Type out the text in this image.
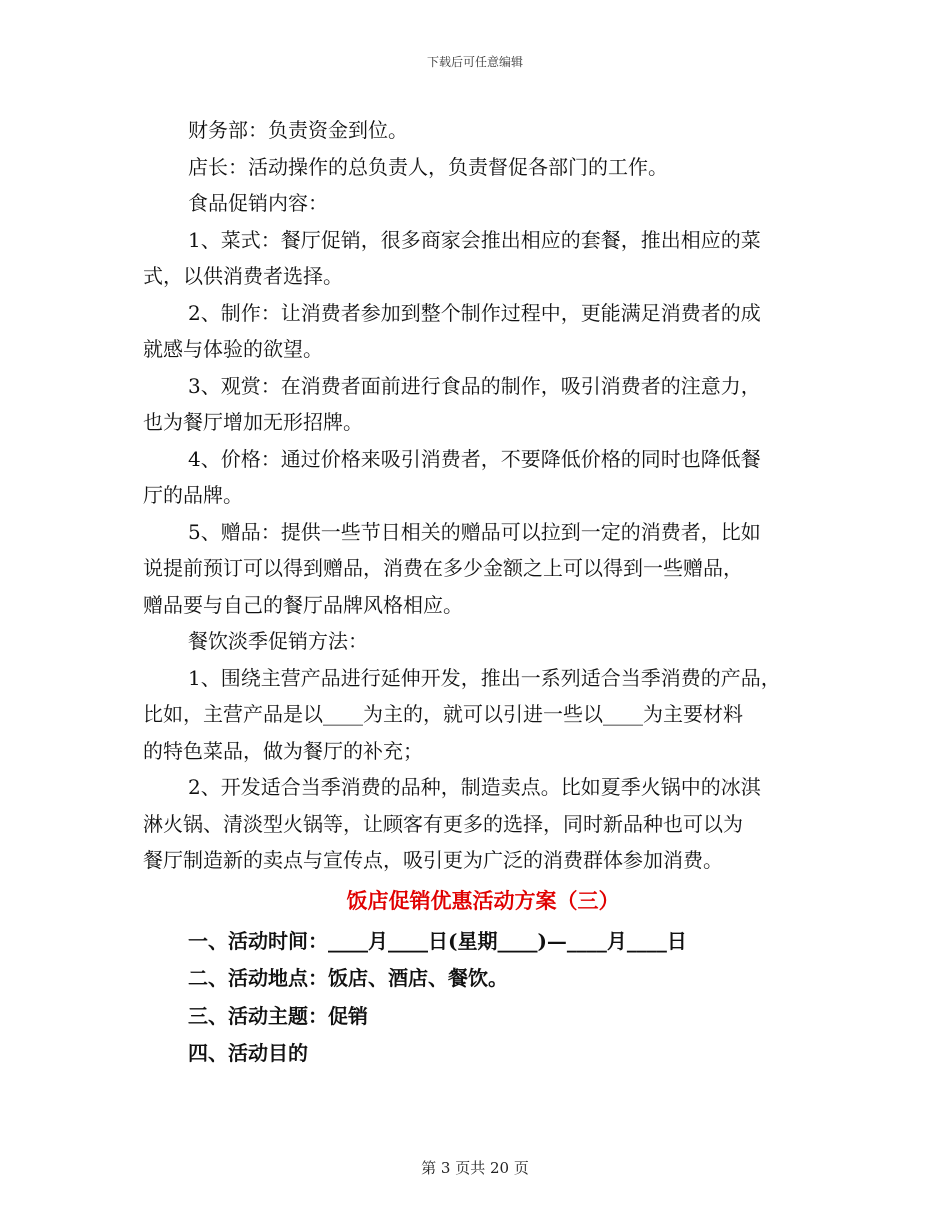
下载后可任意编辑
财务部：负责资金到位。
店长：活动操作的总负责人，负责督促各部门的工作。
食品促销内容：
1、菜式：餐厅促销，很多商家会推出相应的套餐，推出相应的菜
式，以供消费者选择。
2、制作：让消费者参加到整个制作过程中，更能满足消费者的成
就感与体验的欲望。
3、观赏：在消费者面前进行食品的制作，吸引消费者的注意力，
也为餐厅增加无形招牌。
4、价格：通过价格来吸引消费者，不要降低价格的同时也降低餐
厅的品牌。
5、赠品：提供一些节日相关的赠品可以拉到一定的消费者，比如
说提前预订可以得到赠品，消费在多少金额之上可以得到一些赠品，
赠品要与自己的餐厅品牌风格相应。
餐饮淡季促销方法：
1、围绕主营产品进行延伸开发，推出一系列适合当季消费的产品，
比如，主营产品是以____为主的，就可以引进一些以____为主要材料
的特色菜品，做为餐厅的补充；
2、开发适合当季消费的品种，制造卖点。比如夏季火锅中的冰淇
淋火锅、清淡型火锅等，让顾客有更多的选择，同时新品种也可以为
餐厅制造新的卖点与宣传点，吸引更为广泛的消费群体参加消费。
饭店促销优惠活动方案（三）
一、活动时间：____月____日(星期____)—____月____日
二、活动地点：饭店、酒店、餐饮。
三、活动主题：促销
四、活动目的
第 3 页共 20 页
